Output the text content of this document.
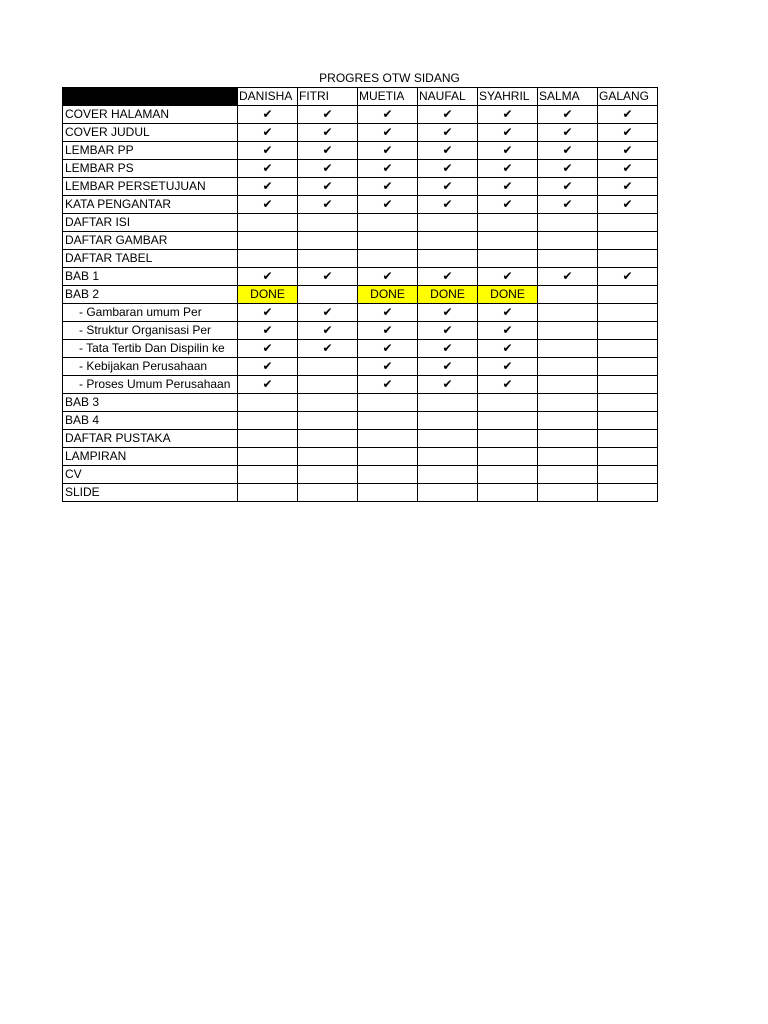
PROGRES OTW SIDANG
	DANISHA	FITRI	MUETIA	NAUFAL	SYAHRIL	SALMA	GALANG
COVER HALAMAN	✔	✔	✔	✔	✔	✔	✔
COVER JUDUL	✔	✔	✔	✔	✔	✔	✔
LEMBAR PP	✔	✔	✔	✔	✔	✔	✔
LEMBAR PS	✔	✔	✔	✔	✔	✔	✔
LEMBAR PERSETUJUAN	✔	✔	✔	✔	✔	✔	✔
KATA PENGANTAR	✔	✔	✔	✔	✔	✔	✔
DAFTAR ISI							
DAFTAR GAMBAR							
DAFTAR TABEL							
BAB 1	✔	✔	✔	✔	✔	✔	✔
BAB 2	DONE		DONE	DONE	DONE		
- Gambaran umum Per	✔	✔	✔	✔	✔		
- Struktur Organisasi Per	✔	✔	✔	✔	✔		
- Tata Tertib Dan Dispilin ke	✔	✔	✔	✔	✔		
- Kebijakan Perusahaan	✔		✔	✔	✔		
- Proses Umum Perusahaan	✔		✔	✔	✔		
BAB 3							
BAB 4							
DAFTAR PUSTAKA							
LAMPIRAN							
CV							
SLIDE							
